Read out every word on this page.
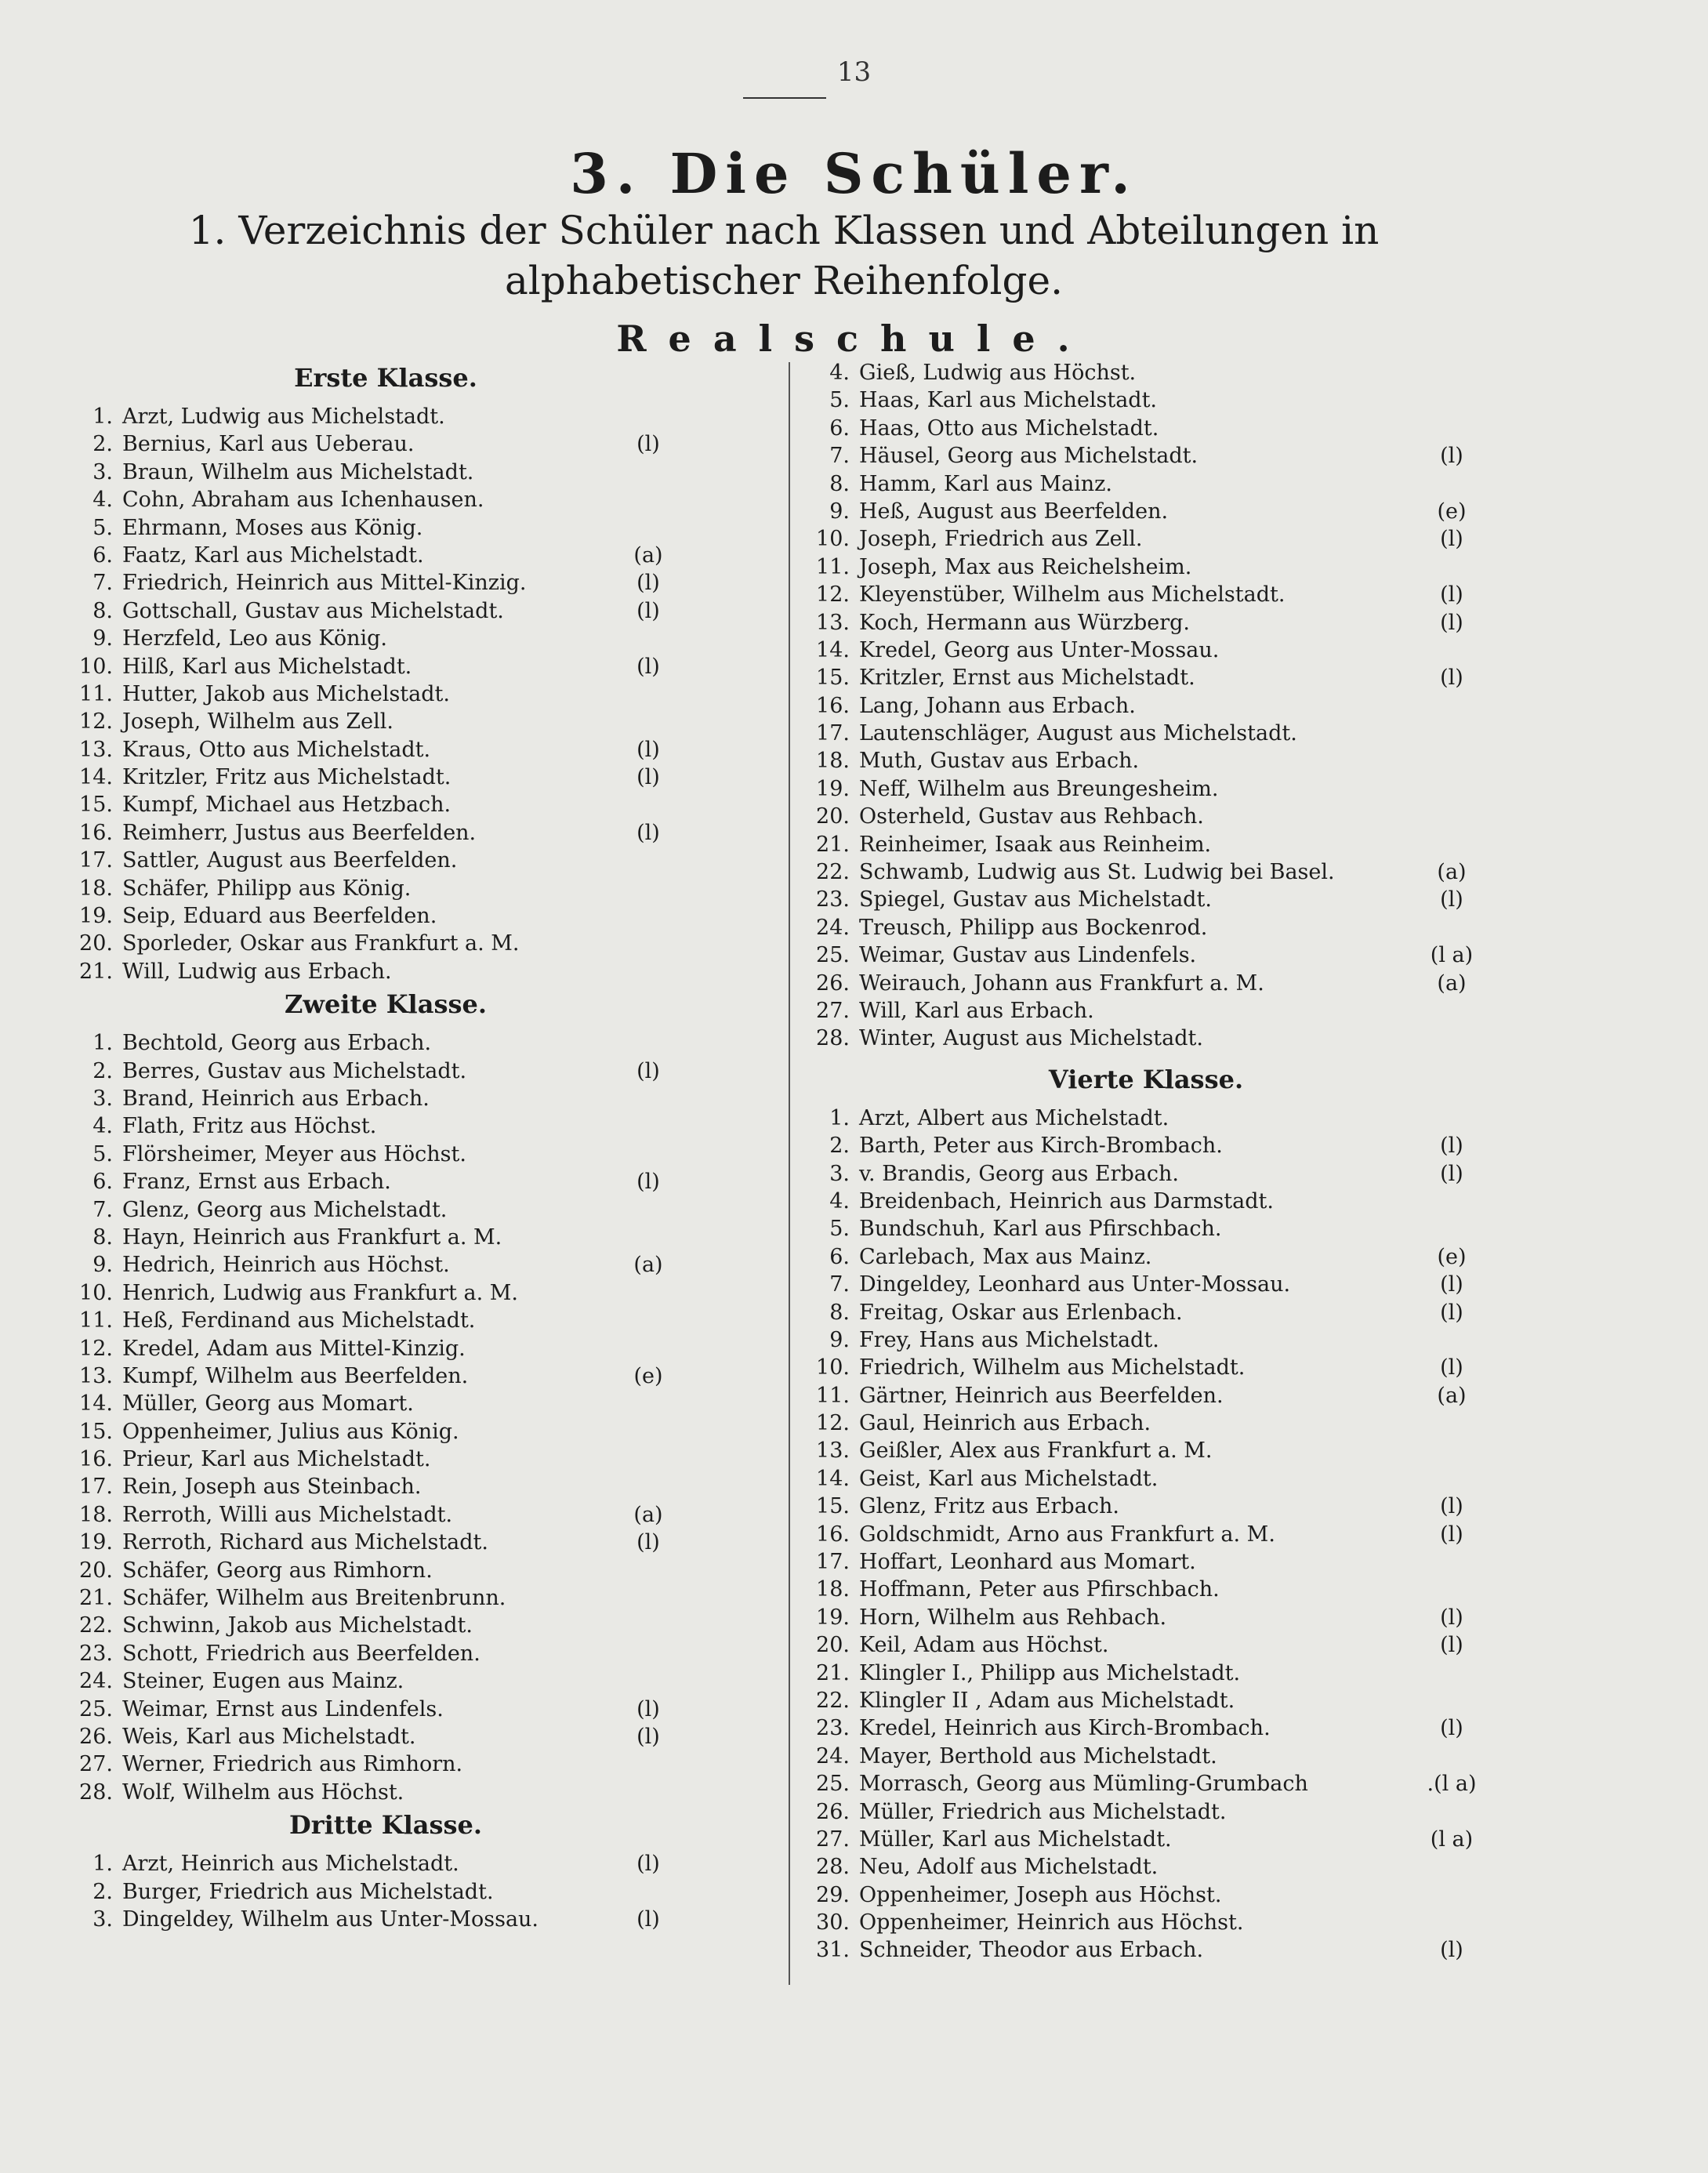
13
3. Die Schüler.
1. Verzeichnis der Schüler nach Klassen und Abteilungen in alphabetischer Reihenfolge.
Realschule.
Erste Klasse.
1. Arzt, Ludwig aus Michelstadt.
2. Bernius, Karl aus Ueberau.	(l)
3. Braun, Wilhelm aus Michelstadt.
4. Cohn, Abraham aus Ichenhausen.
5. Ehrmann, Moses aus König.
6. Faatz, Karl aus Michelstadt.	(a)
7. Friedrich, Heinrich aus Mittel-Kinzig.	(l)
8. Gottschall, Gustav aus Michelstadt.	(l)
9. Herzfeld, Leo aus König.
10. Hilß, Karl aus Michelstadt.	(l)
11. Hutter, Jakob aus Michelstadt.
12. Joseph, Wilhelm aus Zell.
13. Kraus, Otto aus Michelstadt.	(l)
14. Kritzler, Fritz aus Michelstadt.	(l)
15. Kumpf, Michael aus Hetzbach.
16. Reimherr, Justus aus Beerfelden.	(l)
17. Sattler, August aus Beerfelden.
18. Schäfer, Philipp aus König.
19. Seip, Eduard aus Beerfelden.
20. Sporleder, Oskar aus Frankfurt a. M.
21. Will, Ludwig aus Erbach.
Zweite Klasse.
1. Bechtold, Georg aus Erbach.
2. Berres, Gustav aus Michelstadt.	(l)
3. Brand, Heinrich aus Erbach.
4. Flath, Fritz aus Höchst.
5. Flörsheimer, Meyer aus Höchst.
6. Franz, Ernst aus Erbach.	(l)
7. Glenz, Georg aus Michelstadt.
8. Hayn, Heinrich aus Frankfurt a. M.
9. Hedrich, Heinrich aus Höchst.	(a)
10. Henrich, Ludwig aus Frankfurt a. M.
11. Heß, Ferdinand aus Michelstadt.
12. Kredel, Adam aus Mittel-Kinzig.
13. Kumpf, Wilhelm aus Beerfelden.	(e)
14. Müller, Georg aus Momart.
15. Oppenheimer, Julius aus König.
16. Prieur, Karl aus Michelstadt.
17. Rein, Joseph aus Steinbach.
18. Rerroth, Willi aus Michelstadt.	(a)
19. Rerroth, Richard aus Michelstadt.	(l)
20. Schäfer, Georg aus Rimhorn.
21. Schäfer, Wilhelm aus Breitenbrunn.
22. Schwinn, Jakob aus Michelstadt.
23. Schott, Friedrich aus Beerfelden.
24. Steiner, Eugen aus Mainz.
25. Weimar, Ernst aus Lindenfels.	(l)
26. Weis, Karl aus Michelstadt.	(l)
27. Werner, Friedrich aus Rimhorn.
28. Wolf, Wilhelm aus Höchst.
Dritte Klasse.
1. Arzt, Heinrich aus Michelstadt.	(l)
2. Burger, Friedrich aus Michelstadt.
3. Dingeldey, Wilhelm aus Unter-Mossau.	(l)
4. Gieß, Ludwig aus Höchst.
5. Haas, Karl aus Michelstadt.
6. Haas, Otto aus Michelstadt.
7. Häusel, Georg aus Michelstadt.	(l)
8. Hamm, Karl aus Mainz.
9. Heß, August aus Beerfelden.	(e)
10. Joseph, Friedrich aus Zell.	(l)
11. Joseph, Max aus Reichelsheim.
12. Kleyenstüber, Wilhelm aus Michelstadt.	(l)
13. Koch, Hermann aus Würzberg.	(l)
14. Kredel, Georg aus Unter-Mossau.
15. Kritzler, Ernst aus Michelstadt.	(l)
16. Lang, Johann aus Erbach.
17. Lautenschläger, August aus Michelstadt.
18. Muth, Gustav aus Erbach.
19. Neff, Wilhelm aus Breungesheim.
20. Osterheld, Gustav aus Rehbach.
21. Reinheimer, Isaak aus Reinheim.
22. Schwamb, Ludwig aus St. Ludwig bei Basel.	(a)
23. Spiegel, Gustav aus Michelstadt.	(l)
24. Treusch, Philipp aus Bockenrod.
25. Weimar, Gustav aus Lindenfels.	(l a)
26. Weirauch, Johann aus Frankfurt a. M.	(a)
27. Will, Karl aus Erbach.
28. Winter, August aus Michelstadt.
Vierte Klasse.
1. Arzt, Albert aus Michelstadt.
2. Barth, Peter aus Kirch-Brombach.	(l)
3. v. Brandis, Georg aus Erbach.	(l)
4. Breidenbach, Heinrich aus Darmstadt.
5. Bundschuh, Karl aus Pfirschbach.
6. Carlebach, Max aus Mainz.	(e)
7. Dingeldey, Leonhard aus Unter-Mossau.	(l)
8. Freitag, Oskar aus Erlenbach.	(l)
9. Frey, Hans aus Michelstadt.
10. Friedrich, Wilhelm aus Michelstadt.	(l)
11. Gärtner, Heinrich aus Beerfelden.	(a)
12. Gaul, Heinrich aus Erbach.
13. Geißler, Alex aus Frankfurt a. M.
14. Geist, Karl aus Michelstadt.
15. Glenz, Fritz aus Erbach.	(l)
16. Goldschmidt, Arno aus Frankfurt a. M.	(l)
17. Hoffart, Leonhard aus Momart.
18. Hoffmann, Peter aus Pfirschbach.
19. Horn, Wilhelm aus Rehbach.	(l)
20. Keil, Adam aus Höchst.	(l)
21. Klingler I., Philipp aus Michelstadt.
22. Klingler II , Adam aus Michelstadt.
23. Kredel, Heinrich aus Kirch-Brombach.	(l)
24. Mayer, Berthold aus Michelstadt.
25. Morrasch, Georg aus Mümling-Grumbach	.(l a)
26. Müller, Friedrich aus Michelstadt.
27. Müller, Karl aus Michelstadt.	(l a)
28. Neu, Adolf aus Michelstadt.
29. Oppenheimer, Joseph aus Höchst.
30. Oppenheimer, Heinrich aus Höchst.
31. Schneider, Theodor aus Erbach.	(l)
